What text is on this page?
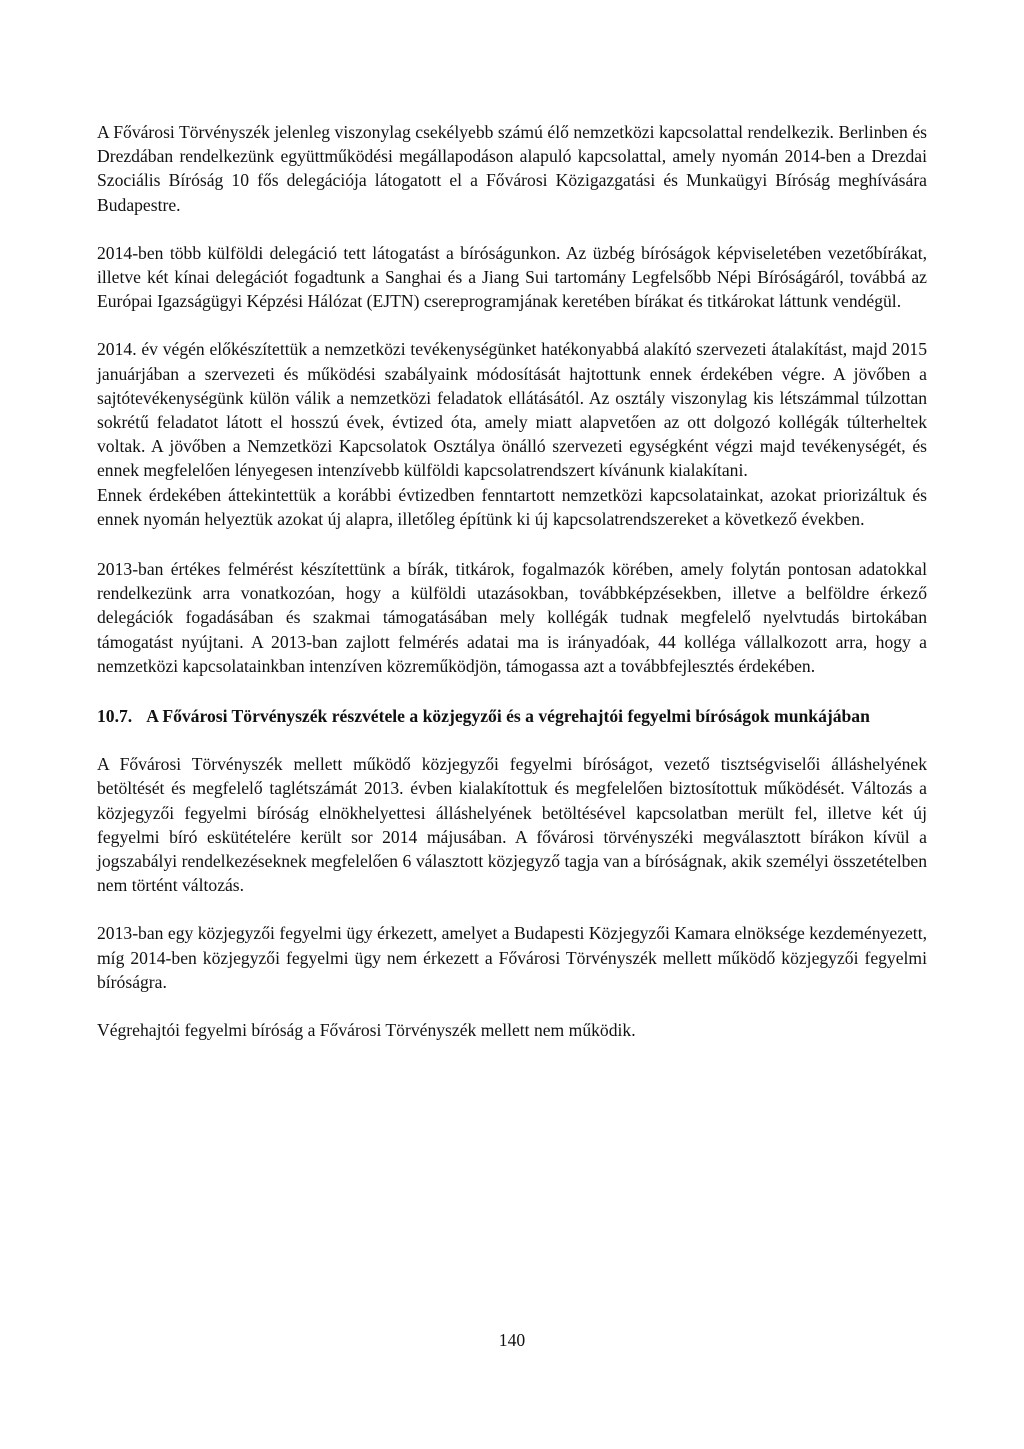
A Fővárosi Törvényszék jelenleg viszonylag csekélyebb számú élő nemzetközi kapcsolattal rendelkezik. Berlinben és Drezdában rendelkezünk együttműködési megállapodáson alapuló kapcsolattal, amely nyomán 2014-ben a Drezdai Szociális Bíróság 10 fős delegációja látogatott el a Fővárosi Közigazgatási és Munkaügyi Bíróság meghívására Budapestre.

2014-ben több külföldi delegáció tett látogatást a bíróságunkon. Az üzbég bíróságok képviseletében vezetőbírákat, illetve két kínai delegációt fogadtunk a Sanghai és a Jiang Sui tartomány Legfelsőbb Népi Bíróságáról, továbbá az Európai Igazságügyi Képzési Hálózat (EJTN) csereprogramjának keretében bírákat és titkárokat láttunk vendégül.

2014. év végén előkészítettük a nemzetközi tevékenységünket hatékonyabbá alakító szervezeti átalakítást, majd 2015 januárjában a szervezeti és működési szabályaink módosítását hajtottunk ennek érdekében végre. A jövőben a sajtótevékenységünk külön válik a nemzetközi feladatok ellátásától. Az osztály viszonylag kis létszámmal túlzottan sokrétű feladatot látott el hosszú évek, évtized óta, amely miatt alapvetően az ott dolgozó kollégák túlterheltek voltak. A jövőben a Nemzetközi Kapcsolatok Osztálya önálló szervezeti egységként végzi majd tevékenységét, és ennek megfelelően lényegesen intenzívebb külföldi kapcsolatrendszert kívánunk kialakítani.

Ennek érdekében áttekintettük a korábbi évtizedben fenntartott nemzetközi kapcsolatainkat, azokat priorizáltuk és ennek nyomán helyeztük azokat új alapra, illetőleg építünk ki új kapcsolatrendszereket a következő években.

2013-ban értékes felmérést készítettünk a bírák, titkárok, fogalmazók körében, amely folytán pontosan adatokkal rendelkezünk arra vonatkozóan, hogy a külföldi utazásokban, továbbképzésekben, illetve a belföldre érkező delegációk fogadásában és szakmai támogatásában mely kollégák tudnak megfelelő nyelvtudás birtokában támogatást nyújtani. A 2013-ban zajlott felmérés adatai ma is irányadóak, 44 kolléga vállalkozott arra, hogy a nemzetközi kapcsolatainkban intenzíven közreműködjön, támogassa azt a továbbfejlesztés érdekében.

10.7. A Fővárosi Törvényszék részvétele a közjegyzői és a végrehajtói fegyelmi bíróságok munkájában

A Fővárosi Törvényszék mellett működő közjegyzői fegyelmi bíróságot, vezető tisztségviselői álláshelyének betöltését és megfelelő taglétszámát 2013. évben kialakítottuk és megfelelően biztosítottuk működését. Változás a közjegyzői fegyelmi bíróság elnökhelyettesi álláshelyének betöltésével kapcsolatban merült fel, illetve két új fegyelmi bíró eskütételére került sor 2014 májusában. A fővárosi törvényszéki megválasztott bírákon kívül a jogszabályi rendelkezéseknek megfelelően 6 választott közjegyző tagja van a bíróságnak, akik személyi összetételben nem történt változás.

2013-ban egy közjegyzői fegyelmi ügy érkezett, amelyet a Budapesti Közjegyzői Kamara elnöksége kezdeményezett, míg 2014-ben közjegyzői fegyelmi ügy nem érkezett a Fővárosi Törvényszék mellett működő közjegyzői fegyelmi bíróságra.

Végrehajtói fegyelmi bíróság a Fővárosi Törvényszék mellett nem működik.

140
